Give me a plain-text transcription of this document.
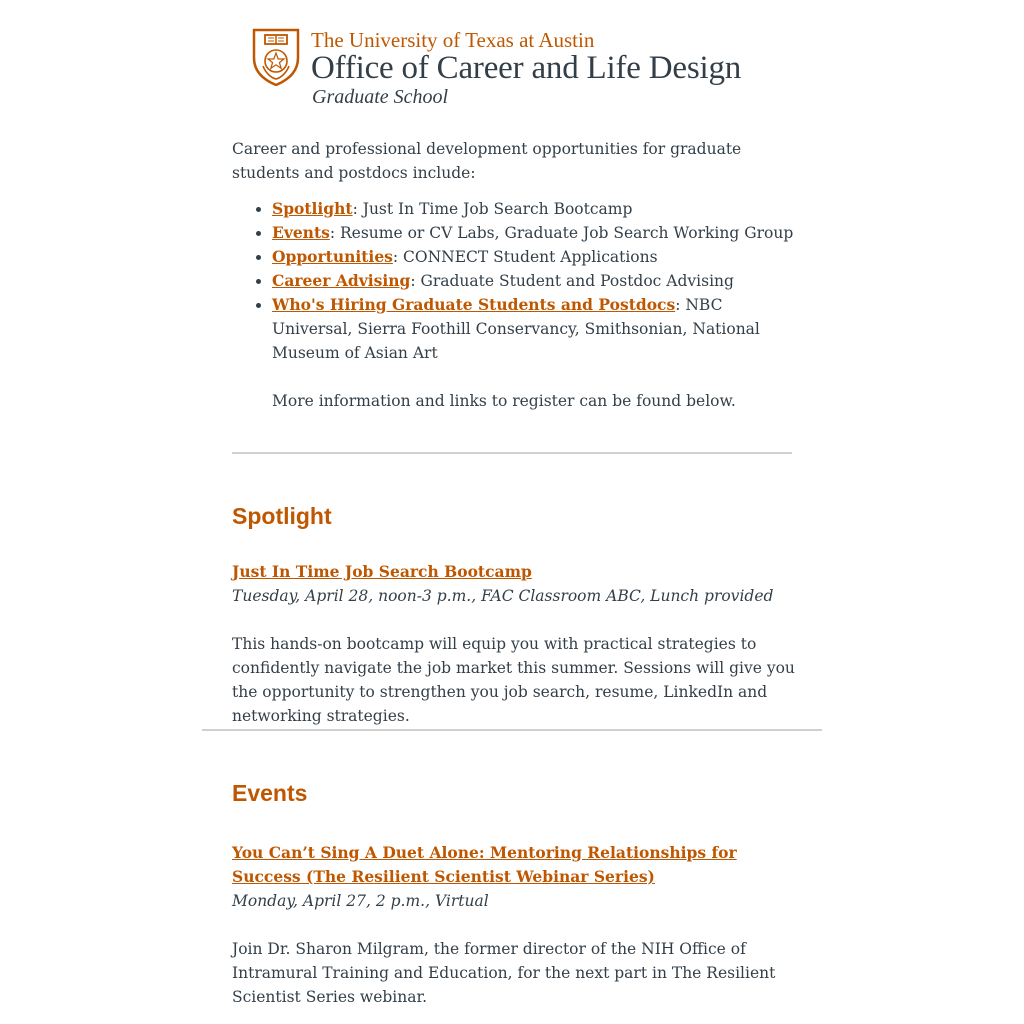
The University of Texas at Austin
Office of Career and Life Design
Graduate School

Career and professional development opportunities for graduate students and postdocs include:

• Spotlight: Just In Time Job Search Bootcamp
• Events: Resume or CV Labs, Graduate Job Search Working Group
• Opportunities: CONNECT Student Applications
• Career Advising: Graduate Student and Postdoc Advising
• Who's Hiring Graduate Students and Postdocs: NBC Universal, Sierra Foothill Conservancy, Smithsonian, National Museum of Asian Art

More information and links to register can be found below.

Spotlight
Just In Time Job Search Bootcamp
Tuesday, April 28, noon-3 p.m., FAC Classroom ABC, Lunch provided

This hands-on bootcamp will equip you with practical strategies to confidently navigate the job market this summer. Sessions will give you the opportunity to strengthen you job search, resume, LinkedIn and networking strategies.

Events
You Can’t Sing A Duet Alone: Mentoring Relationships for Success (The Resilient Scientist Webinar Series)
Monday, April 27, 2 p.m., Virtual

Join Dr. Sharon Milgram, the former director of the NIH Office of Intramural Training and Education, for the next part in The Resilient Scientist Series webinar.
